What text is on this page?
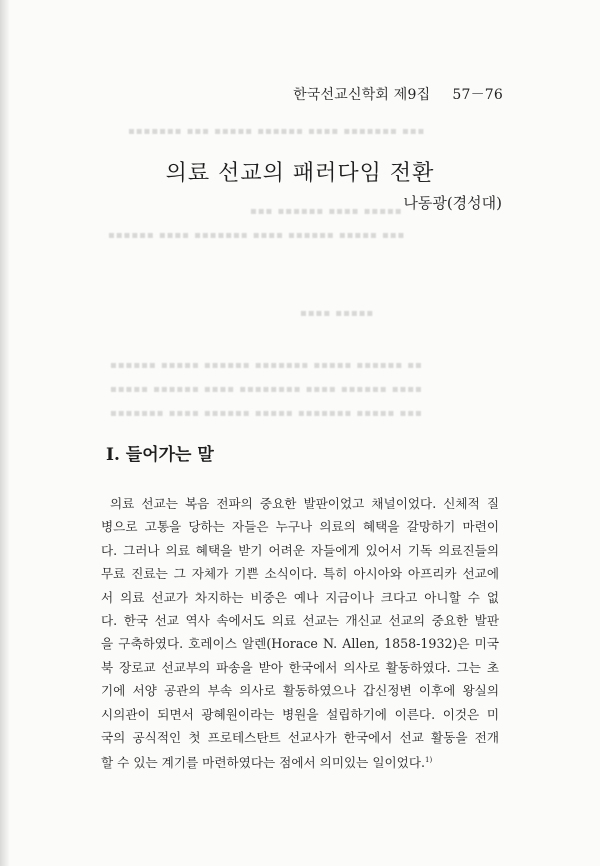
한국선교신학회 제9집 57－76
▪▪▪▪▪▪▪ ▪▪▪ ▪▪▪▪▪ ▪▪▪▪▪▪ ▪▪▪▪ ▪▪▪▪▪▪▪ ▪▪▪
▪▪▪ ▪▪▪▪▪▪ ▪▪▪▪ ▪▪▪▪▪
▪▪▪▪▪▪ ▪▪▪▪ ▪▪▪▪▪▪▪ ▪▪▪▪ ▪▪▪▪▪▪ ▪▪▪▪▪ ▪▪▪
▪▪▪▪ ▪▪▪▪▪
▪▪▪▪▪▪ ▪▪▪▪▪ ▪▪▪▪▪▪ ▪▪▪▪▪▪▪ ▪▪▪▪▪ ▪▪▪▪▪▪ ▪▪
▪▪▪▪▪ ▪▪▪▪▪▪ ▪▪▪▪ ▪▪▪▪▪▪▪▪ ▪▪▪▪ ▪▪▪▪▪▪ ▪▪▪▪
▪▪▪▪▪▪▪ ▪▪▪▪ ▪▪▪▪▪▪ ▪▪▪▪▪ ▪▪▪▪▪▪▪ ▪▪▪▪▪ ▪▪▪
의료 선교의 패러다임 전환
나동광(경성대)
I. 들어가는 말
의료 선교는 복음 전파의 중요한 발판이었고 채널이었다. 신체적 질
병으로 고통을 당하는 자들은 누구나 의료의 혜택을 갈망하기 마련이
다. 그러나 의료 혜택을 받기 어려운 자들에게 있어서 기독 의료진들의
무료 진료는 그 자체가 기쁜 소식이다. 특히 아시아와 아프리카 선교에
서 의료 선교가 차지하는 비중은 예나 지금이나 크다고 아니할 수 없
다. 한국 선교 역사 속에서도 의료 선교는 개신교 선교의 중요한 발판
을 구축하였다. 호레이스 알렌(Horace N. Allen, 1858-1932)은 미국
북 장로교 선교부의 파송을 받아 한국에서 의사로 활동하였다. 그는 초
기에 서양 공관의 부속 의사로 활동하였으나 갑신정변 이후에 왕실의
시의관이 되면서 광혜원이라는 병원을 설립하기에 이른다. 이것은 미
국의 공식적인 첫 프로테스탄트 선교사가 한국에서 선교 활동을 전개
할 수 있는 계기를 마련하였다는 점에서 의미있는 일이었다.$^{1)}$
